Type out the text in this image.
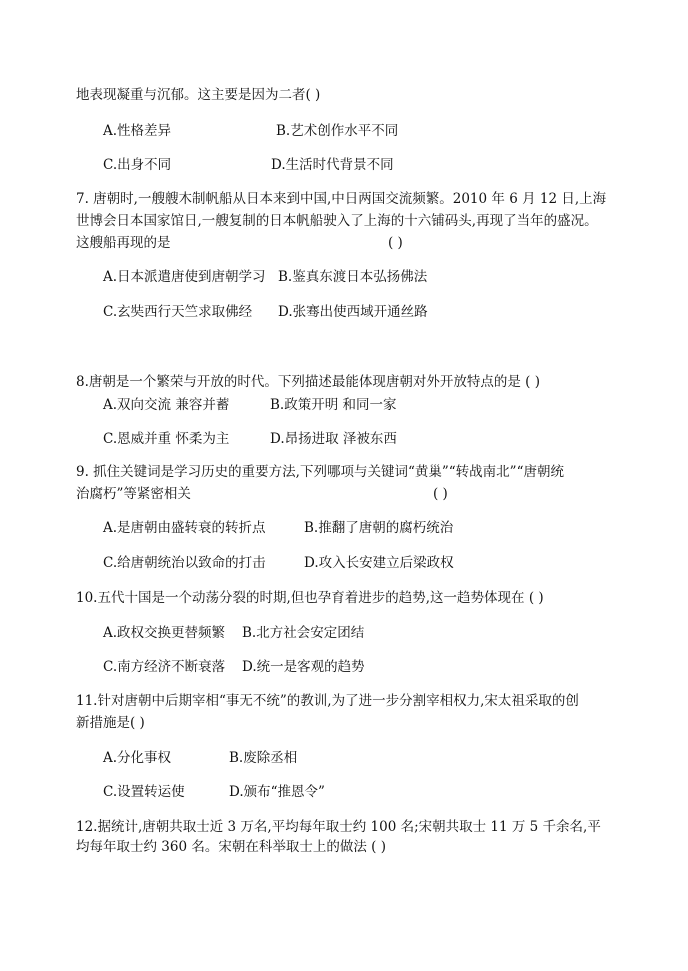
地表现凝重与沉郁。这主要是因为二者( )
A.性格差异	B.艺术创作水平不同
C.出身不同	D.生活时代背景不同
7. 唐朝时,一艘艘木制帆船从日本来到中国,中日两国交流频繁。2010 年 6 月 12 日,上海
世博会日本国家馆日,一艘复制的日本帆船驶入了上海的十六铺码头,再现了当年的盛况。
这艘船再现的是	( )
A.日本派遣唐使到唐朝学习 B.鉴真东渡日本弘扬佛法
C.玄奘西行天竺求取佛经 D.张骞出使西域开通丝路
8.唐朝是一个繁荣与开放的时代。下列描述最能体现唐朝对外开放特点的是 ( )
A.双向交流 兼容并蓄	B.政策开明 和同一家
C.恩威并重 怀柔为主	D.昂扬进取 泽被东西
9. 抓住关键词是学习历史的重要方法,下列哪项与关键词“黄巢”“转战南北”“唐朝统
治腐朽”等紧密相关	( )
A.是唐朝由盛转衰的转折点	B.推翻了唐朝的腐朽统治
C.给唐朝统治以致命的打击	D.攻入长安建立后梁政权
10.五代十国是一个动荡分裂的时期,但也孕育着进步的趋势,这一趋势体现在 ( )
A.政权交换更替频繁 B.北方社会安定团结
C.南方经济不断衰落 D.统一是客观的趋势
11.针对唐朝中后期宰相“事无不统”的教训,为了进一步分割宰相权力,宋太祖采取的创
新措施是( )
A.分化事权	B.废除丞相
C.设置转运使	D.颁布“推恩令”
12.据统计,唐朝共取士近 3 万名,平均每年取士约 100 名;宋朝共取士 11 万 5 千余名,平
均每年取士约 360 名。宋朝在科举取士上的做法 ( )
